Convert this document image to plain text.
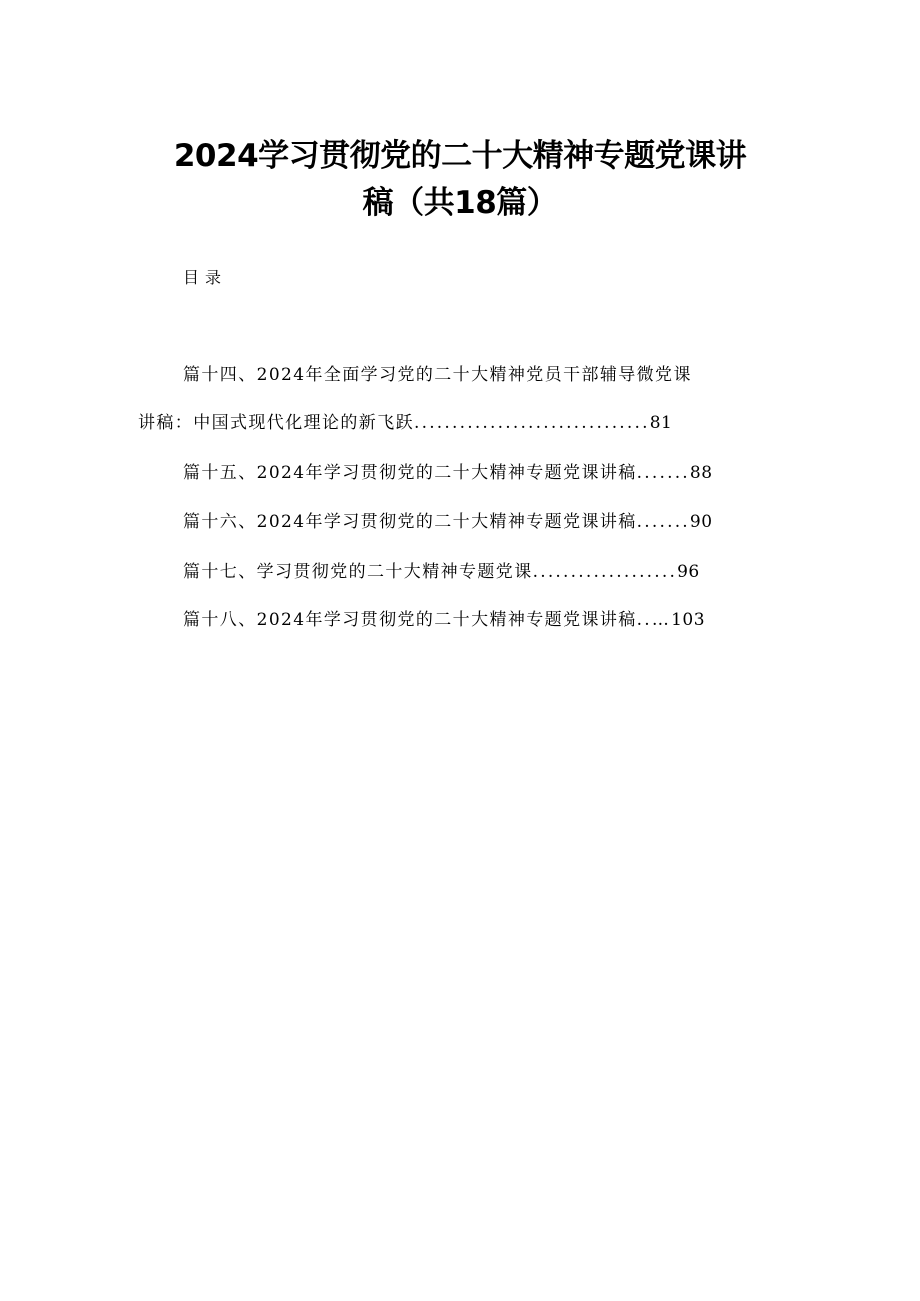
2024学习贯彻党的二十大精神专题党课讲
稿（共18篇）

目录

篇十四、2024年全面学习党的二十大精神党员干部辅导微党课
讲稿：中国式现代化理论的新飞跃...............................81
篇十五、2024年学习贯彻党的二十大精神专题党课讲稿.......88
篇十六、2024年学习贯彻党的二十大精神专题党课讲稿.......90
篇十七、学习贯彻党的二十大精神专题党课...................96
篇十八、2024年学习贯彻党的二十大精神专题党课讲稿..…103
